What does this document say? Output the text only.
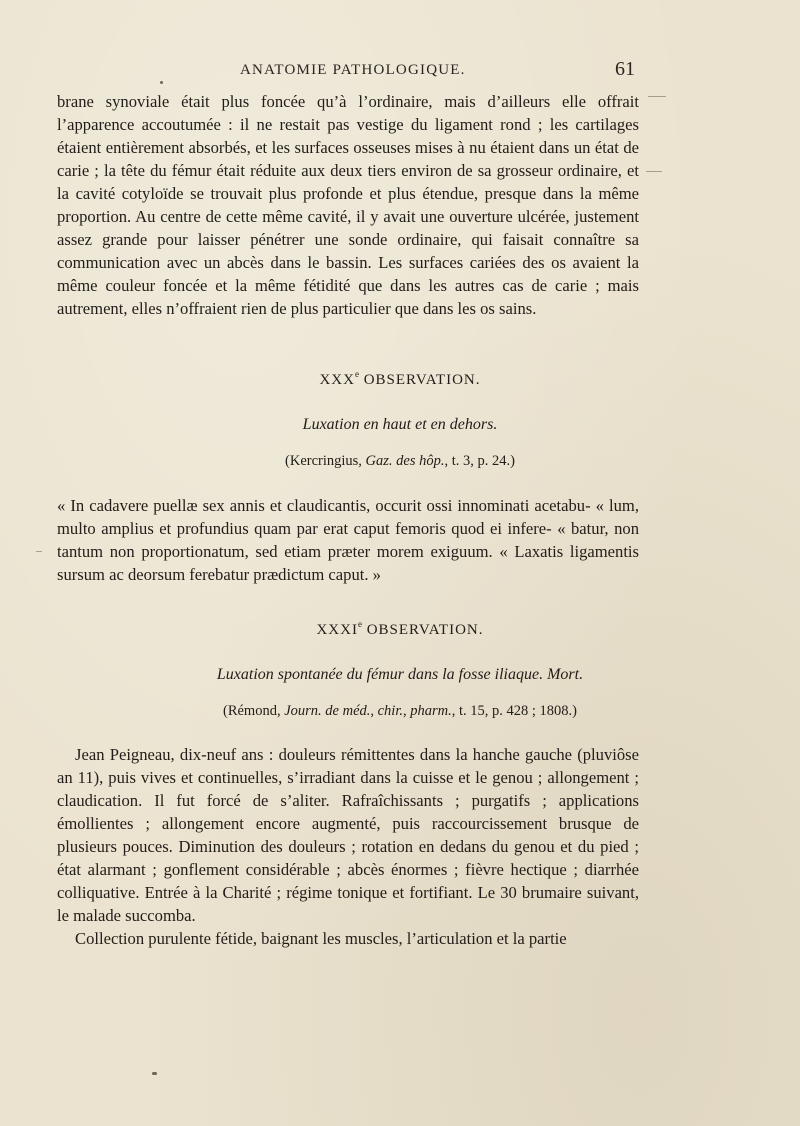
ANATOMIE PATHOLOGIQUE.	61

brane synoviale était plus foncée qu’à l’ordinaire, mais d’ailleurs elle offrait l’apparence accoutumée : il ne restait pas vestige du ligament rond ; les cartilages étaient entièrement absorbés, et les surfaces osseuses mises à nu étaient dans un état de carie ; la tête du fémur était réduite aux deux tiers environ de sa grosseur ordinaire, et la cavité cotyloïde se trouvait plus profonde et plus étendue, presque dans la même proportion. Au centre de cette même cavité, il y avait une ouverture ulcérée, justement assez grande pour laisser pénétrer une sonde ordinaire, qui faisait connaître sa communication avec un abcès dans le bassin. Les surfaces cariées des os avaient la même couleur foncée et la même fétidité que dans les autres cas de carie ; mais autrement, elles n’offraient rien de plus particulier que dans les os sains.

XXXe OBSERVATION.
Luxation en haut et en dehors.
(Kercringius, Gaz. des hôp., t. 3, p. 24.)

« In cadavere puellæ sex annis et claudicantis, occurit ossi innominati acetabu- « lum, multo amplius et profundius quam par erat caput femoris quod ei infere- « batur, non tantum non proportionatum, sed etiam præter morem exiguum. « Laxatis ligamentis sursum ac deorsum ferebatur prædictum caput. »

XXXIe OBSERVATION.
Luxation spontanée du fémur dans la fosse iliaque. Mort.
(Rémond, Journ. de méd., chir., pharm., t. 15, p. 428 ; 1808.)

Jean Peigneau, dix-neuf ans : douleurs rémittentes dans la hanche gauche (pluviôse an 11), puis vives et continuelles, s’irradiant dans la cuisse et le genou ; allongement ; claudication. Il fut forcé de s’aliter. Rafraîchissants ; purgatifs ; applications émollientes ; allongement encore augmenté, puis raccourcissement brusque de plusieurs pouces. Diminution des douleurs ; rotation en dedans du genou et du pied ; état alarmant ; gonflement considérable ; abcès énormes ; fièvre hectique ; diarrhée colliquative. Entrée à la Charité ; régime tonique et fortifiant. Le 30 brumaire suivant, le malade succomba.

Collection purulente fétide, baignant les muscles, l’articulation et la partie
